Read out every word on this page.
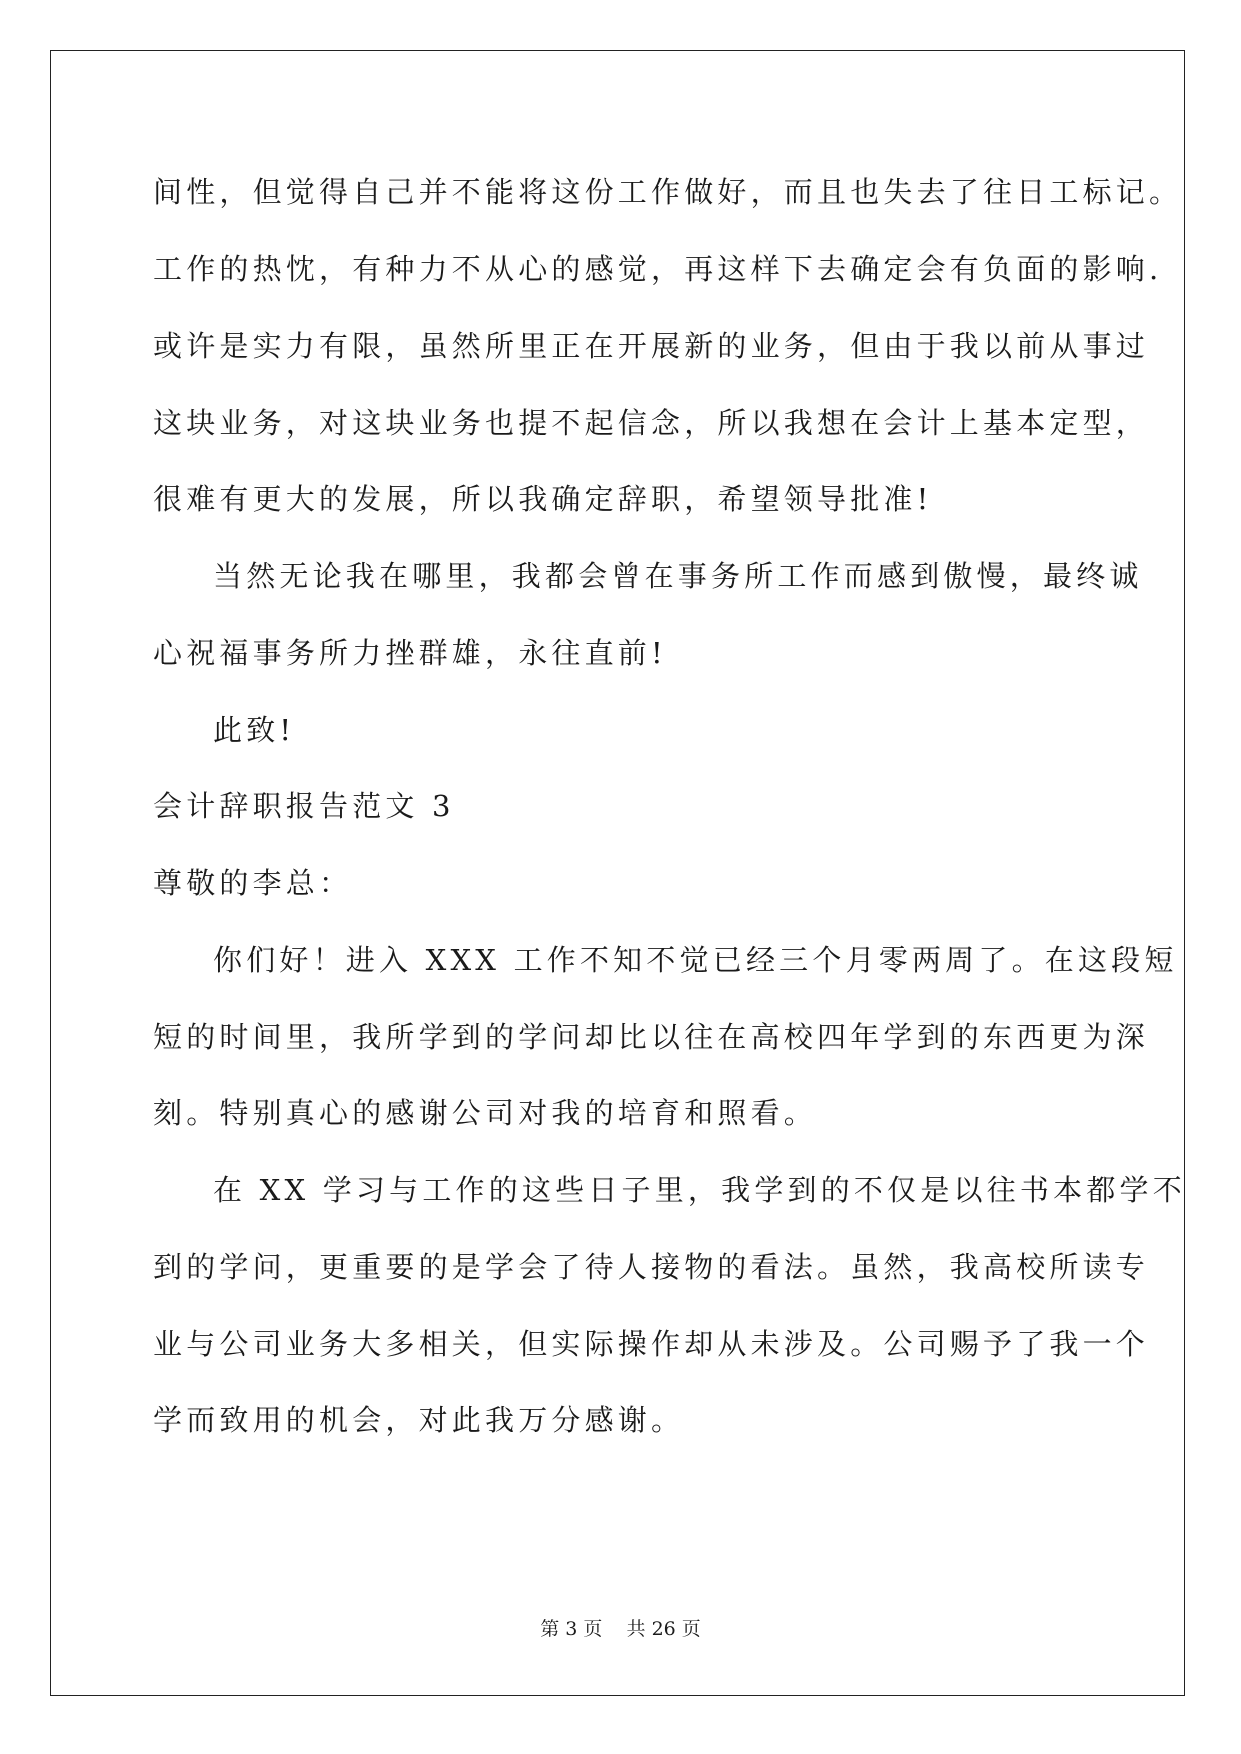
间性，但觉得自己并不能将这份工作做好，而且也失去了往日工标记。
工作的热忱，有种力不从心的感觉，再这样下去确定会有负面的影响.
或许是实力有限，虽然所里正在开展新的业务，但由于我以前从事过
这块业务，对这块业务也提不起信念，所以我想在会计上基本定型，
很难有更大的发展，所以我确定辞职，希望领导批准!
当然无论我在哪里，我都会曾在事务所工作而感到傲慢，最终诚
心祝福事务所力挫群雄，永往直前!
此致!
会计辞职报告范文 3
尊敬的李总：
你们好！进入 XXX 工作不知不觉已经三个月零两周了。在这段短
短的时间里，我所学到的学问却比以往在高校四年学到的东西更为深
刻。特别真心的感谢公司对我的培育和照看。
在 XX 学习与工作的这些日子里，我学到的不仅是以往书本都学不
到的学问，更重要的是学会了待人接物的看法。虽然，我高校所读专
业与公司业务大多相关，但实际操作却从未涉及。公司赐予了我一个
学而致用的机会，对此我万分感谢。
第 3 页 共 26 页
